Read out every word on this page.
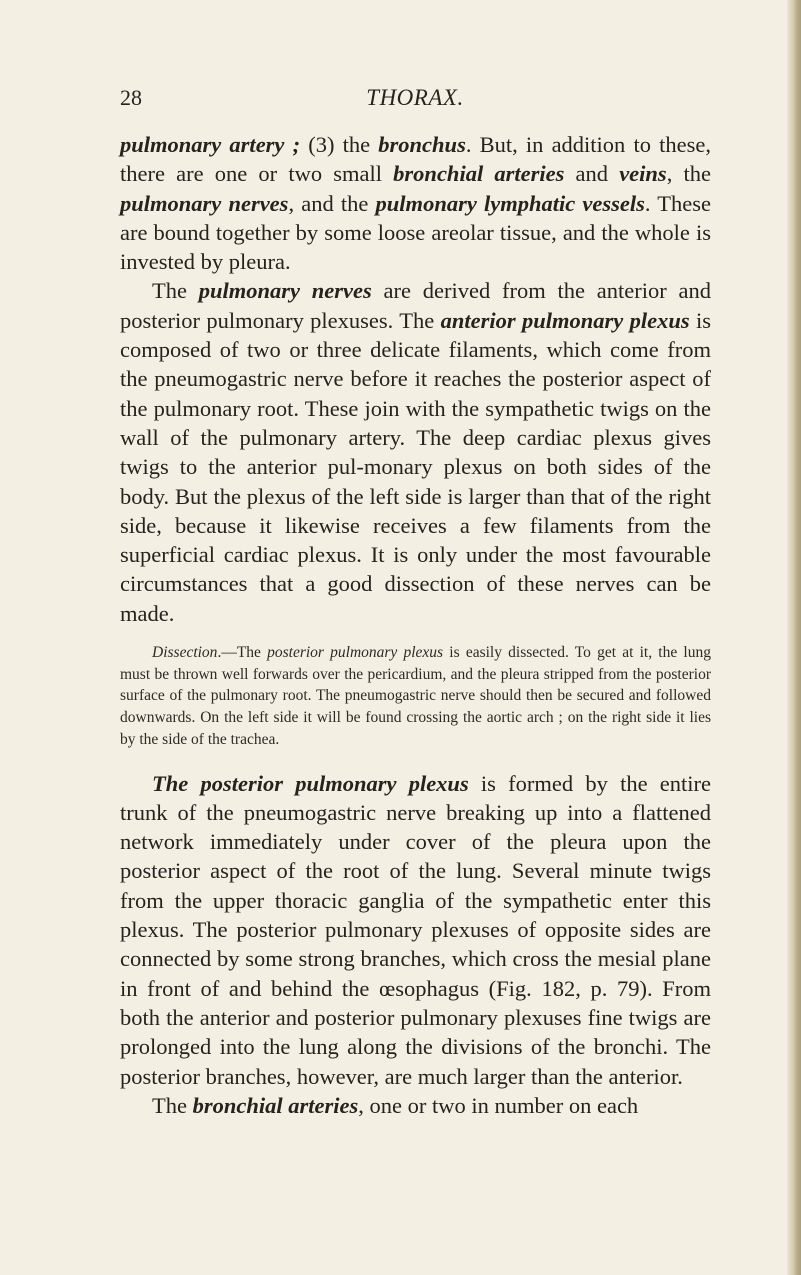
28	THORAX.

pulmonary artery ; (3) the bronchus. But, in addition to these, there are one or two small bronchial arteries and veins, the pulmonary nerves, and the pulmonary lymphatic vessels. These are bound together by some loose areolar tissue, and the whole is invested by pleura.

The pulmonary nerves are derived from the anterior and posterior pulmonary plexuses. The anterior pulmonary plexus is composed of two or three delicate filaments, which come from the pneumogastric nerve before it reaches the posterior aspect of the pulmonary root. These join with the sympathetic twigs on the wall of the pulmonary artery. The deep cardiac plexus gives twigs to the anterior pul-monary plexus on both sides of the body. But the plexus of the left side is larger than that of the right side, because it likewise receives a few filaments from the superficial cardiac plexus. It is only under the most favourable circumstances that a good dissection of these nerves can be made.

Dissection.—The posterior pulmonary plexus is easily dissected. To get at it, the lung must be thrown well forwards over the pericardium, and the pleura stripped from the posterior surface of the pulmonary root. The pneumogastric nerve should then be secured and followed downwards. On the left side it will be found crossing the aortic arch ; on the right side it lies by the side of the trachea.

The posterior pulmonary plexus is formed by the entire trunk of the pneumogastric nerve breaking up into a flattened network immediately under cover of the pleura upon the posterior aspect of the root of the lung. Several minute twigs from the upper thoracic ganglia of the sympathetic enter this plexus. The posterior pulmonary plexuses of opposite sides are connected by some strong branches, which cross the mesial plane in front of and behind the œsophagus (Fig. 182, p. 79). From both the anterior and posterior pulmonary plexuses fine twigs are prolonged into the lung along the divisions of the bronchi. The posterior branches, however, are much larger than the anterior.

The bronchial arteries, one or two in number on each
